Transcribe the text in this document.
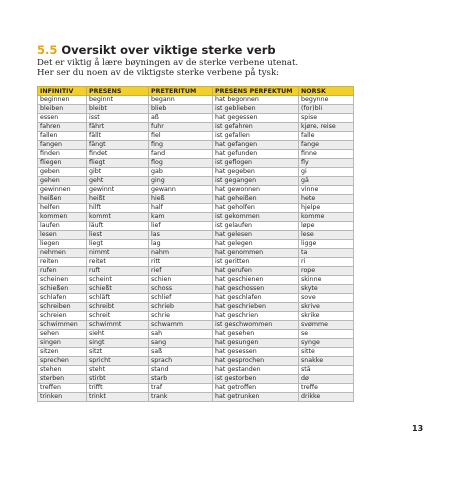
5.5 Oversikt over viktige sterke verb
Det er viktig å lære bøyningen av de sterke verbene utenat.
Her ser du noen av de viktigste sterke verbene på tysk:
INFINITIV	PRESENS	PRETERITUM	PRESENS PERFEKTUM	NORSK
beginnen	beginnt	begann	hat begonnen	begynne
bleiben	bleibt	blieb	ist geblieben	(for)bli
essen	isst	aß	hat gegessen	spise
fahren	fährt	fuhr	ist gefahren	kjøre, reise
fallen	fällt	fiel	ist gefallen	falle
fangen	fängt	fing	hat gefangen	fange
finden	findet	fand	hat gefunden	finne
fliegen	fliegt	flog	ist geflogen	fly
geben	gibt	gab	hat gegeben	gi
gehen	geht	ging	ist gegangen	gå
gewinnen	gewinnt	gewann	hat gewonnen	vinne
heißen	heißt	hieß	hat geheißen	hete
helfen	hilft	half	hat geholfen	hjelpe
kommen	kommt	kam	ist gekommen	komme
laufen	läuft	lief	ist gelaufen	løpe
lesen	liest	las	hat gelesen	lese
liegen	liegt	lag	hat gelegen	ligge
nehmen	nimmt	nahm	hat genommen	ta
reiten	reitet	ritt	ist geritten	ri
rufen	ruft	rief	hat gerufen	rope
scheinen	scheint	schien	hat geschienen	skinne
schießen	schießt	schoss	hat geschossen	skyte
schlafen	schläft	schlief	hat geschlafen	sove
schreiben	schreibt	schrieb	hat geschrieben	skrive
schreien	schreit	schrie	hat geschrien	skrike
schwimmen	schwimmt	schwamm	ist geschwommen	svømme
sehen	sieht	sah	hat gesehen	se
singen	singt	sang	hat gesungen	synge
sitzen	sitzt	saß	hat gesessen	sitte
sprechen	spricht	sprach	hat gesprochen	snakke
stehen	steht	stand	hat gestanden	stå
sterben	stirbt	starb	ist gestorben	dø
treffen	trifft	traf	hat getroffen	treffe
trinken	trinkt	trank	hat getrunken	drikke
13
